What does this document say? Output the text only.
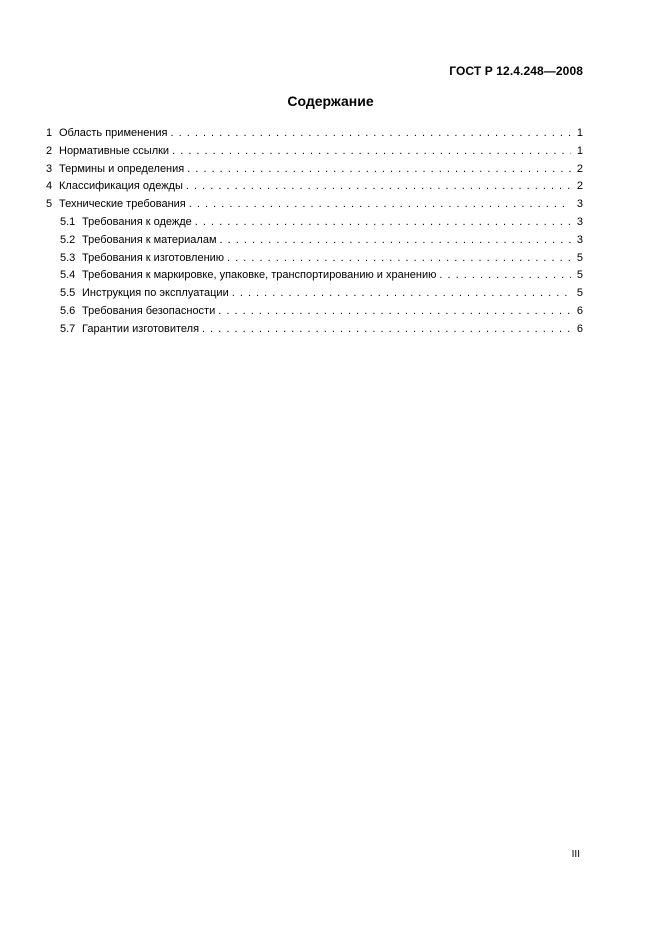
ГОСТ Р 12.4.248—2008
Содержание
1 Область применения . . .	1
2 Нормативные ссылки . . .	1
3 Термины и определения . . .	2
4 Классификация одежды . . .	2
5 Технические требования . . .	3
5.1 Требования к одежде . . .	3
5.2 Требования к материалам . . .	3
5.3 Требования к изготовлению . . .	5
5.4 Требования к маркировке, упаковке, транспортированию и хранению . . .	5
5.5 Инструкция по эксплуатации . . .	5
5.6 Требования безопасности . . .	6
5.7 Гарантии изготовителя . . .	6
III
